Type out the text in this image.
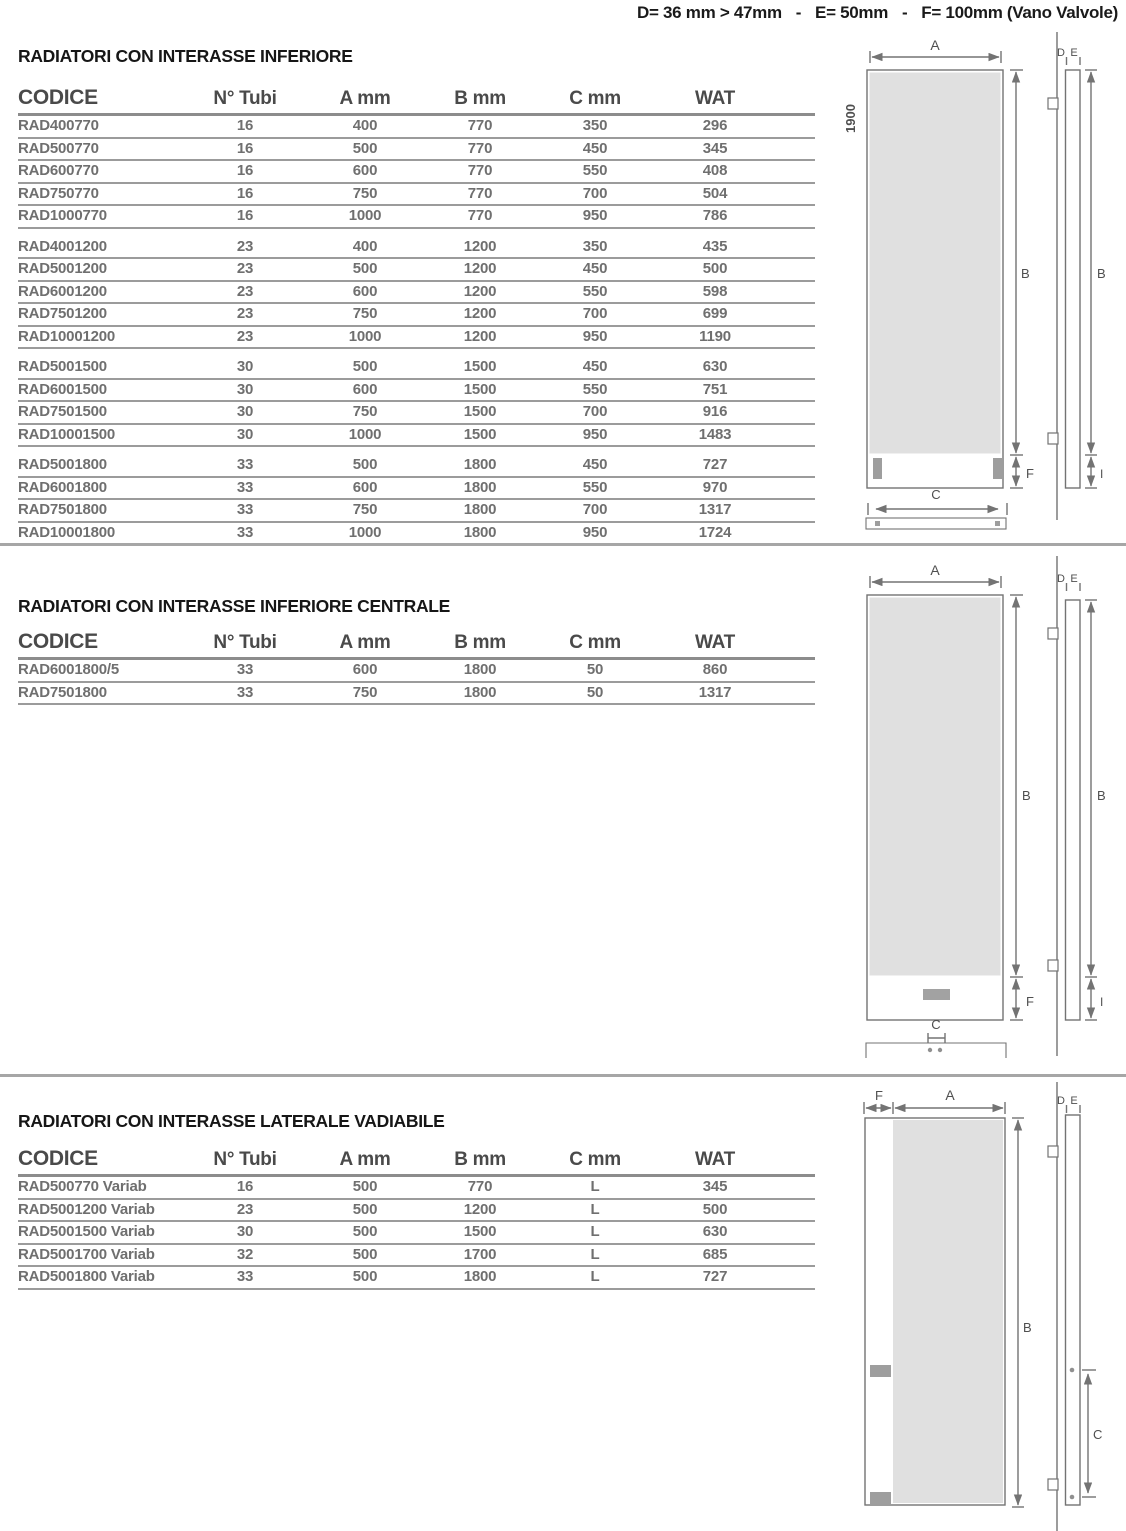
D= 36 mm > 47mm - E= 50mm - F= 100mm (Vano Valvole)
RADIATORI CON INTERASSE INFERIORE
CODICE	N° Tubi	A mm	B mm	C mm	WAT
RAD400770	16	400	770	350	296
RAD500770	16	500	770	450	345
RAD600770	16	600	770	550	408
RAD750770	16	750	770	700	504
RAD1000770	16	1000	770	950	786
RAD4001200	23	400	1200	350	435
RAD5001200	23	500	1200	450	500
RAD6001200	23	600	1200	550	598
RAD7501200	23	750	1200	700	699
RAD10001200	23	1000	1200	950	1190
RAD5001500	30	500	1500	450	630
RAD6001500	30	600	1500	550	751
RAD7501500	30	750	1500	700	916
RAD10001500	30	1000	1500	950	1483
RAD5001800	33	500	1800	450	727
RAD6001800	33	600	1800	550	970
RAD7501800	33	750	1800	700	1317
RAD10001800	33	1000	1800	950	1724
RADIATORI CON INTERASSE INFERIORE CENTRALE
CODICE	N° Tubi	A mm	B mm	C mm	WAT
RAD6001800/5	33	600	1800	50	860
RAD7501800	33	750	1800	50	1317
RADIATORI CON INTERASSE LATERALE VADIABILE
CODICE	N° Tubi	A mm	B mm	C mm	WAT
RAD500770 Variab	16	500	770	L	345
RAD5001200 Variab	23	500	1200	L	500
RAD5001500 Variab	30	500	1500	L	630
RAD5001700 Variab	32	500	1700	L	685
RAD5001800 Variab	33	500	1800	L	727
A
1900
B
F
C
D E
B
I
A
B
F
C
D E
B
I
F	A
B
D E
C
